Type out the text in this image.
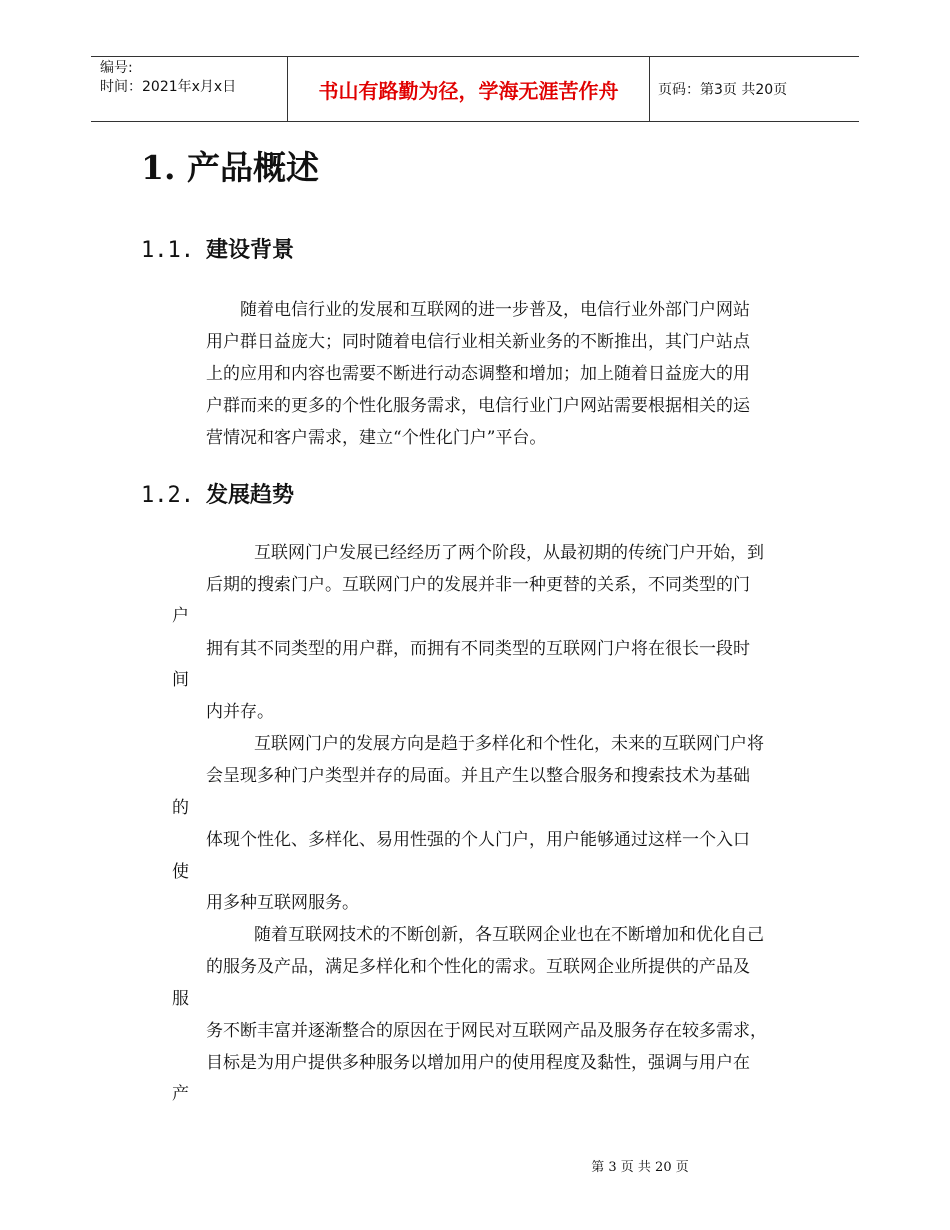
编号:
时间：2021年x月x日	书山有路勤为径，学海无涯苦作舟	页码：第3页 共20页
1. 产品概述
1.1. 建设背景
随着电信行业的发展和互联网的进一步普及，电信行业外部门户网站
用户群日益庞大；同时随着电信行业相关新业务的不断推出，其门户站点
上的应用和内容也需要不断进行动态调整和增加；加上随着日益庞大的用
户群而来的更多的个性化服务需求，电信行业门户网站需要根据相关的运
营情况和客户需求，建立“个性化门户”平台。
1.2. 发展趋势
互联网门户发展已经经历了两个阶段，从最初期的传统门户开始，到
后期的搜索门户。互联网门户的发展并非一种更替的关系，不同类型的门
户
拥有其不同类型的用户群，而拥有不同类型的互联网门户将在很长一段时
间
内并存。
互联网门户的发展方向是趋于多样化和个性化，未来的互联网门户将
会呈现多种门户类型并存的局面。并且产生以整合服务和搜索技术为基础
的
体现个性化、多样化、易用性强的个人门户，用户能够通过这样一个入口
使
用多种互联网服务。
随着互联网技术的不断创新，各互联网企业也在不断增加和优化自己
的服务及产品，满足多样化和个性化的需求。互联网企业所提供的产品及
服
务不断丰富并逐渐整合的原因在于网民对互联网产品及服务存在较多需求，
目标是为用户提供多种服务以增加用户的使用程度及黏性，强调与用户在
产
第 3 页 共 20 页
